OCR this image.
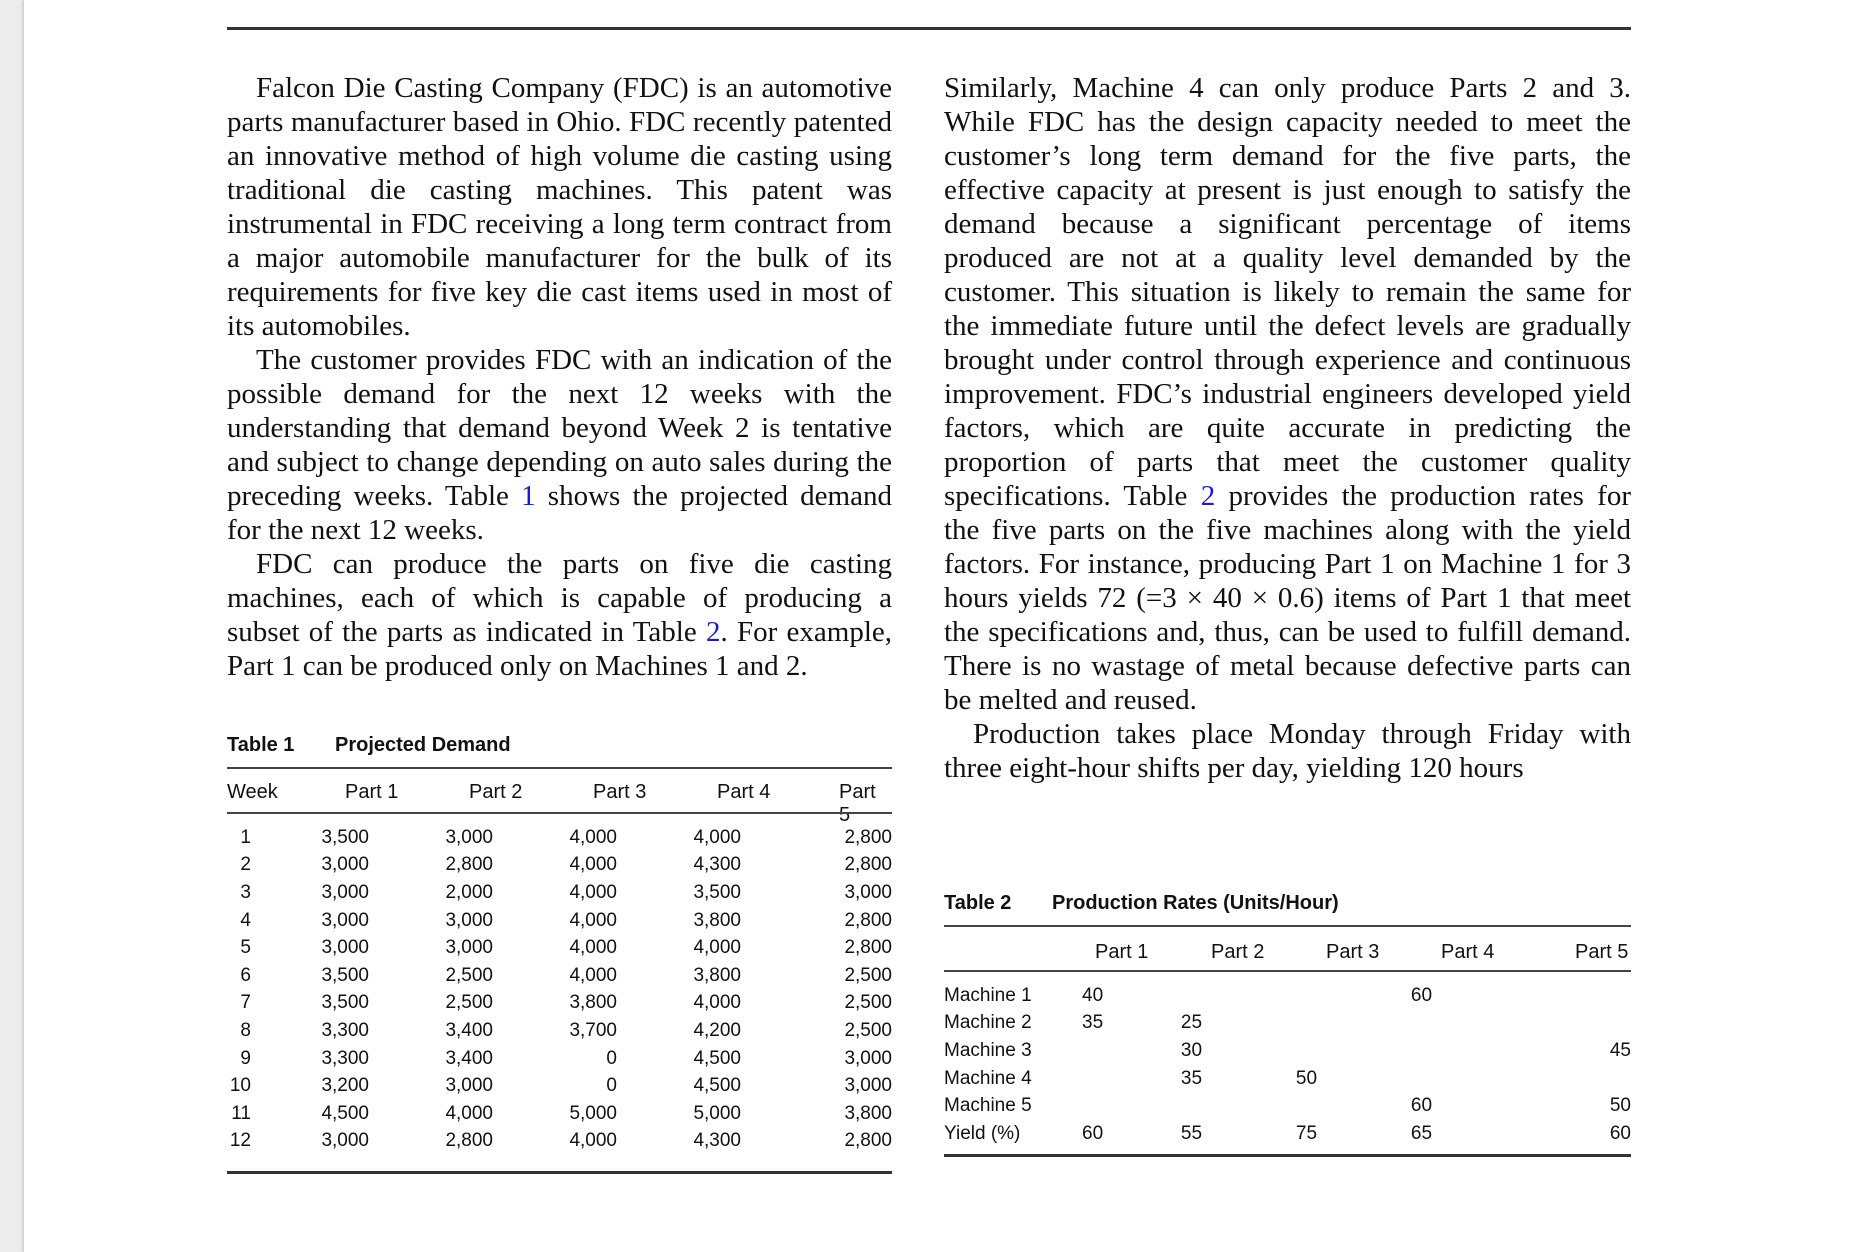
Falcon Die Casting Company (FDC) is an automotive parts manufacturer based in Ohio. FDC recently patented an innovative method of high volume die casting using traditional die casting machines. This patent was instrumental in FDC receiving a long term contract from a major automobile manufacturer for the bulk of its requirements for five key die cast items used in most of its automobiles.

The customer provides FDC with an indication of the possible demand for the next 12 weeks with the understanding that demand beyond Week 2 is tentative and subject to change depending on auto sales during the preceding weeks. Table 1 shows the projected demand for the next 12 weeks.

FDC can produce the parts on five die casting machines, each of which is capable of producing a subset of the parts as indicated in Table 2. For example, Part 1 can be produced only on Machines 1 and 2.

Similarly, Machine 4 can only produce Parts 2 and 3. While FDC has the design capacity needed to meet the customer’s long term demand for the five parts, the effective capacity at present is just enough to satisfy the demand because a significant percentage of items produced are not at a quality level demanded by the customer. This situation is likely to remain the same for the immediate future until the defect levels are gradually brought under control through experience and continuous improvement. FDC’s industrial engineers developed yield factors, which are quite accurate in predicting the proportion of parts that meet the customer quality specifications. Table 2 provides the production rates for the five parts on the five machines along with the yield factors. For instance, producing Part 1 on Machine 1 for 3 hours yields 72 (=3 × 40 × 0.6) items of Part 1 that meet the specifications and, thus, can be used to fulfill demand. There is no wastage of metal because defective parts can be melted and reused.

Production takes place Monday through Friday with three eight-hour shifts per day, yielding 120 hours

Table 1 Projected Demand
Week	Part 1	Part 2	Part 3	Part 4	Part 5
1	3,500	3,000	4,000	4,000	2,800
2	3,000	2,800	4,000	4,300	2,800
3	3,000	2,000	4,000	3,500	3,000
4	3,000	3,000	4,000	3,800	2,800
5	3,000	3,000	4,000	4,000	2,800
6	3,500	2,500	4,000	3,800	2,500
7	3,500	2,500	3,800	4,000	2,500
8	3,300	3,400	3,700	4,200	2,500
9	3,300	3,400	0	4,500	3,000
10	3,200	3,000	0	4,500	3,000
11	4,500	4,000	5,000	5,000	3,800
12	3,000	2,800	4,000	4,300	2,800
Table 2 Production Rates (Units/Hour)
Part 1	Part 2	Part 3	Part 4	Part 5
Machine 1	40			60	
Machine 2	35	25			
Machine 3		30			45
Machine 4		35	50		
Machine 5				60	50
Yield (%)	60	55	75	65	60
